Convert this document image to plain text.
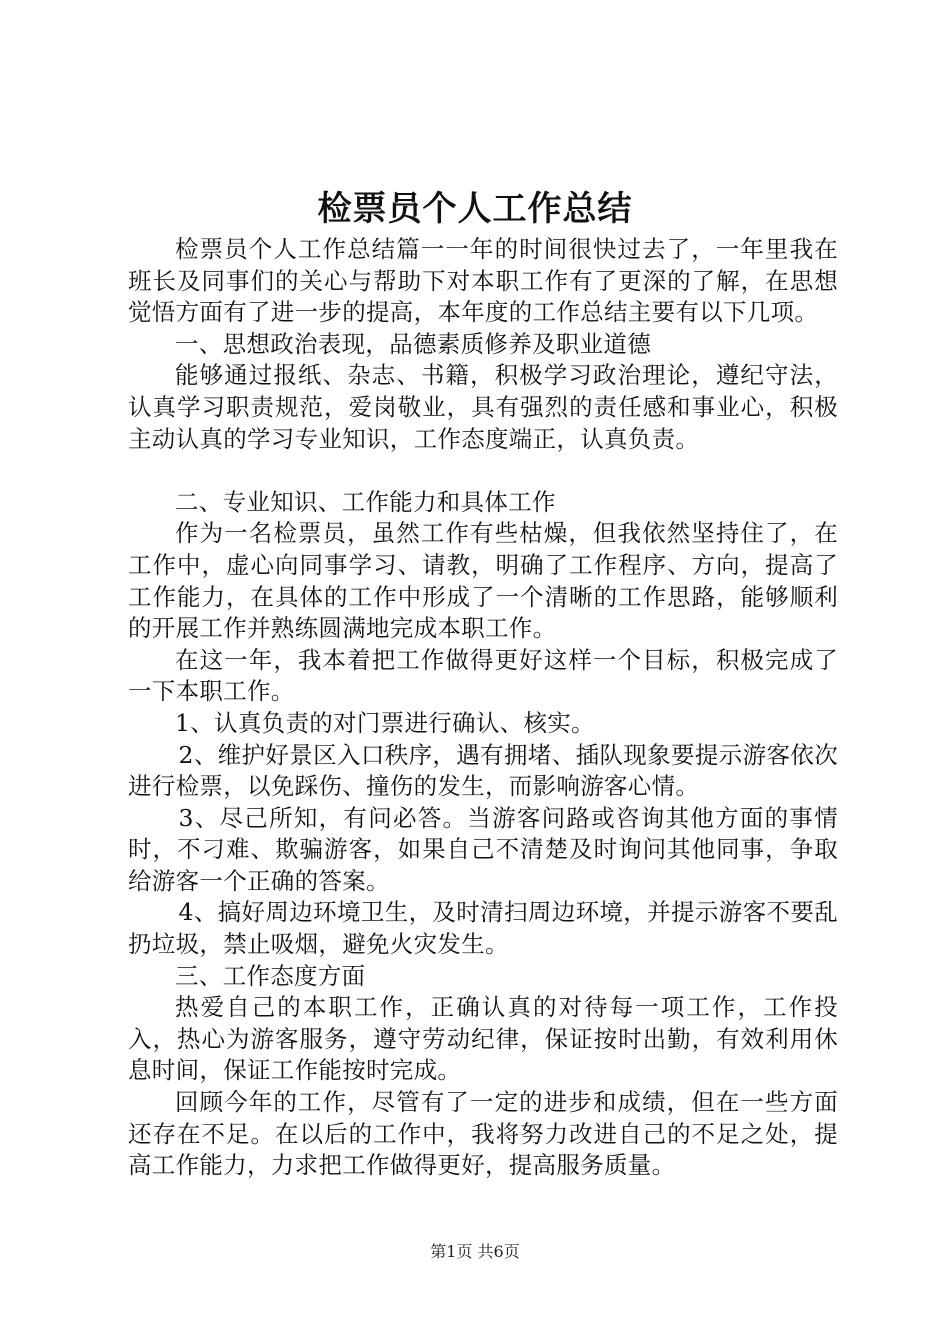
检票员个人工作总结

检票员个人工作总结篇一一年的时间很快过去了，一年里我在班长及同事们的关心与帮助下对本职工作有了更深的了解，在思想觉悟方面有了进一步的提高，本年度的工作总结主要有以下几项。

一、思想政治表现，品德素质修养及职业道德

能够通过报纸、杂志、书籍，积极学习政治理论，遵纪守法，认真学习职责规范，爱岗敬业，具有强烈的责任感和事业心，积极主动认真的学习专业知识，工作态度端正，认真负责。

二、专业知识、工作能力和具体工作

作为一名检票员，虽然工作有些枯燥，但我依然坚持住了，在工作中，虚心向同事学习、请教，明确了工作程序、方向，提高了工作能力，在具体的工作中形成了一个清晰的工作思路，能够顺利的开展工作并熟练圆满地完成本职工作。

在这一年，我本着把工作做得更好这样一个目标，积极完成了一下本职工作。

1、认真负责的对门票进行确认、核实。

2、维护好景区入口秩序，遇有拥堵、插队现象要提示游客依次进行检票，以免踩伤、撞伤的发生，而影响游客心情。

3、尽己所知，有问必答。当游客问路或咨询其他方面的事情时，不刁难、欺骗游客，如果自己不清楚及时询问其他同事，争取给游客一个正确的答案。

4、搞好周边环境卫生，及时清扫周边环境，并提示游客不要乱扔垃圾，禁止吸烟，避免火灾发生。

三、工作态度方面

热爱自己的本职工作，正确认真的对待每一项工作，工作投入，热心为游客服务，遵守劳动纪律，保证按时出勤，有效利用休息时间，保证工作能按时完成。

回顾今年的工作，尽管有了一定的进步和成绩，但在一些方面还存在不足。在以后的工作中，我将努力改进自己的不足之处，提高工作能力，力求把工作做得更好，提高服务质量。

第1页 共6页
